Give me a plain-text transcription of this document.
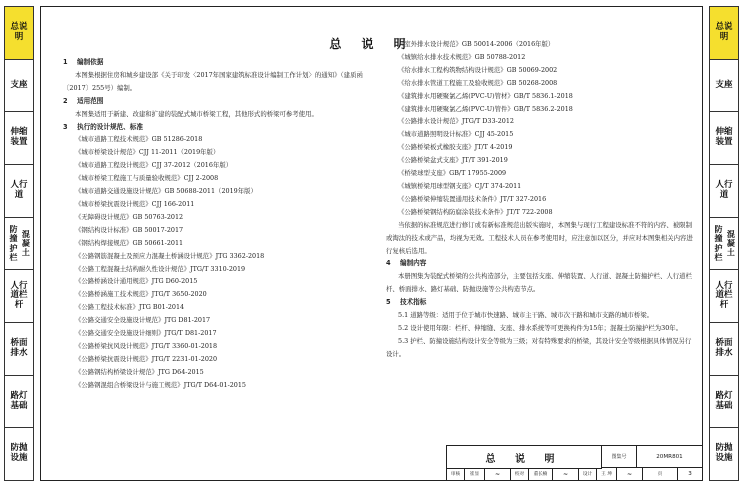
总说明
支座
伸缩装置
人行道
防撞护栏

混凝土
人行道栏杆
桥面排水
路灯基础
防抛设施
总说明
支座
伸缩装置
人行道
防撞护栏

混凝土
人行道栏杆
桥面排水
路灯基础
防抛设施
总 说 明
1 编制依据
本图集根据住房和城乡建设部《关于印发〈2017年国家建筑标准设计编制工作计划〉的通知》（建质函〔2017〕255号）编制。
2 适用范围
本图集适用于新建、改建和扩建的装配式城市桥梁工程，其他形式的桥梁可参考使用。
3 执行的设计规范、标准
《城市道路工程技术规范》GB 51286-2018
《城市桥梁设计规范》CJJ 11-2011（2019年版）
《城市道路工程设计规范》CJJ 37-2012（2016年版）
《城市桥梁工程施工与质量验收规范》CJJ 2-2008
《城市道路交通设施设计规范》GB 50688-2011（2019年版）
《城市桥梁抗震设计规范》CJJ 166-2011
《无障碍设计规范》GB 50763-2012
《钢结构设计标准》GB 50017-2017
《钢结构焊接规范》GB 50661-2011
《公路钢筋混凝土及预应力混凝土桥涵设计规范》JTG 3362-2018
《公路工程混凝土结构耐久性设计规范》JTG/T 3310-2019
《公路桥涵设计通用规范》JTG D60-2015
《公路桥涵施工技术规范》JTG/T 3650-2020
《公路工程技术标准》JTG B01-2014
《公路交通安全设施设计规范》JTG D81-2017
《公路交通安全设施设计细则》JTG/T D81-2017
《公路桥梁抗风设计规范》JTG/T 3360-01-2018
《公路桥梁抗震设计规范》JTG/T 2231-01-2020
《公路钢结构桥梁设计规范》JTG D64-2015
《公路钢混组合桥梁设计与施工规范》JTG/T D64-01-2015
《室外排水设计规范》GB 50014-2006（2016年版）
《城镇给水排水技术规范》GB 50788-2012
《给水排水工程构筑物结构设计规范》GB 50069-2002
《给水排水管道工程施工及验收规范》GB 50268-2008
《建筑排水用硬聚氯乙烯(PVC-U)管材》GB/T 5836.1-2018
《建筑排水用硬聚氯乙烯(PVC-U)管件》GB/T 5836.2-2018
《公路排水设计规范》JTG/T D33-2012
《城市道路照明设计标准》CJJ 45-2015
《公路桥梁板式橡胶支座》JT/T 4-2019
《公路桥梁盆式支座》JT/T 391-2019
《桥梁球型支座》GB/T 17955-2009
《城镇桥梁用球型钢支座》CJ/T 374-2011
《公路桥梁伸缩装置通用技术条件》JT/T 327-2016
《公路桥梁钢结构防腐涂装技术条件》JT/T 722-2008
当依据的标准规范进行修订或有新标准规范出版实施时，本图集与现行工程建设标准不符的内容、被限制或淘汰的技术或产品，均视为无效。工程技术人员在参考使用时，应注意加以区分，并应对本图集相关内容进行复核后选用。
4 编制内容
本册图集为装配式桥梁的公共构造部分，主要包括支座、伸缩装置、人行道、混凝土防撞护栏、人行道栏杆、桥面排水、路灯基础、防抛设施等公共构造节点。
5 技术指标
5.1 道路等级：适用于位于城市快速路、城市主干路、城市次干路和城市支路的城市桥梁。
5.2 设计使用年限：栏杆、伸缩缝、支座、排水系统等可更换构件为15年；混凝土防撞护栏为30年。
5.3 护栏、防撞设施结构设计安全等级为三级；对有特殊要求的桥梁，其设计安全等级根据具体情况另行设计。
总 说 明	图集号	20MR801
审核	崔显	~	校对	董长楠	~	设计	王 坤	~	页	3
